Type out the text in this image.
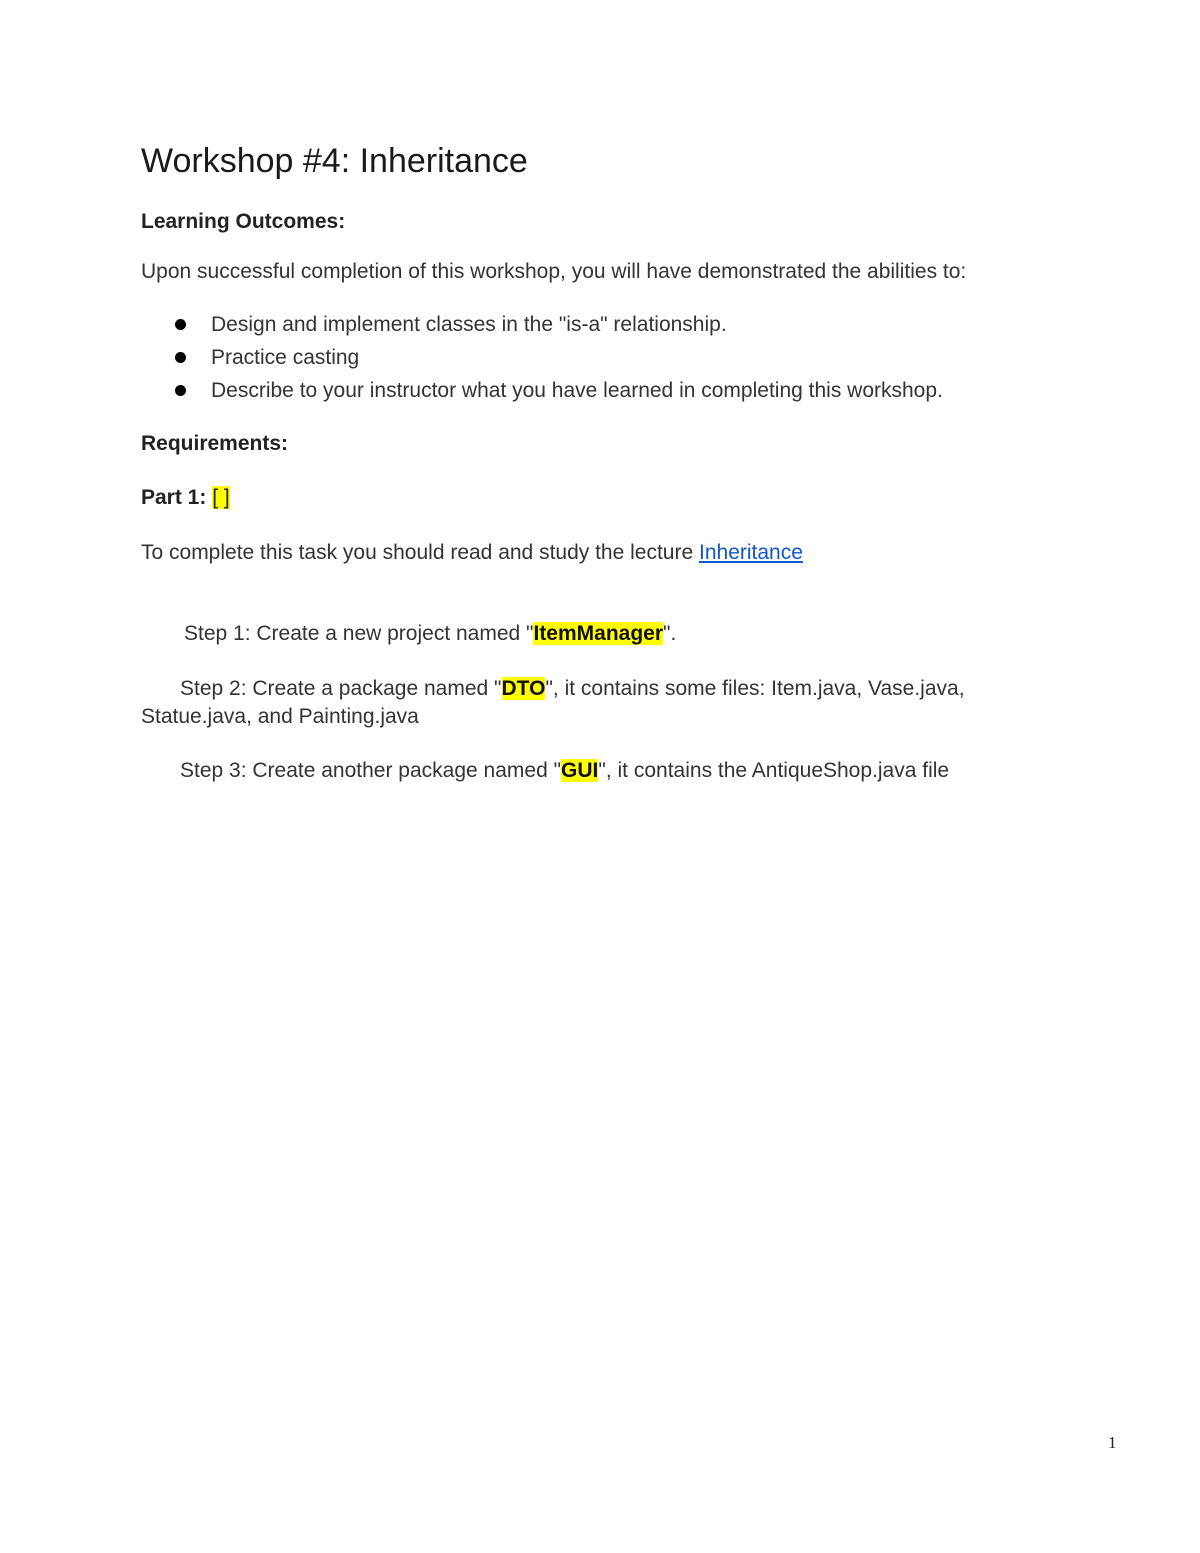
Workshop #4: Inheritance

Learning Outcomes:

Upon successful completion of this workshop, you will have demonstrated the abilities to:

Design and implement classes in the "is-a" relationship.
Practice casting
Describe to your instructor what you have learned in completing this workshop.

Requirements:

Part 1: [ ]

To complete this task you should read and study the lecture Inheritance

Step 1: Create a new project named "ItemManager".

Step 2: Create a package named "DTO", it contains some files: Item.java, Vase.java,
Statue.java, and Painting.java

Step 3: Create another package named "GUI", it contains the AntiqueShop.java file

1
